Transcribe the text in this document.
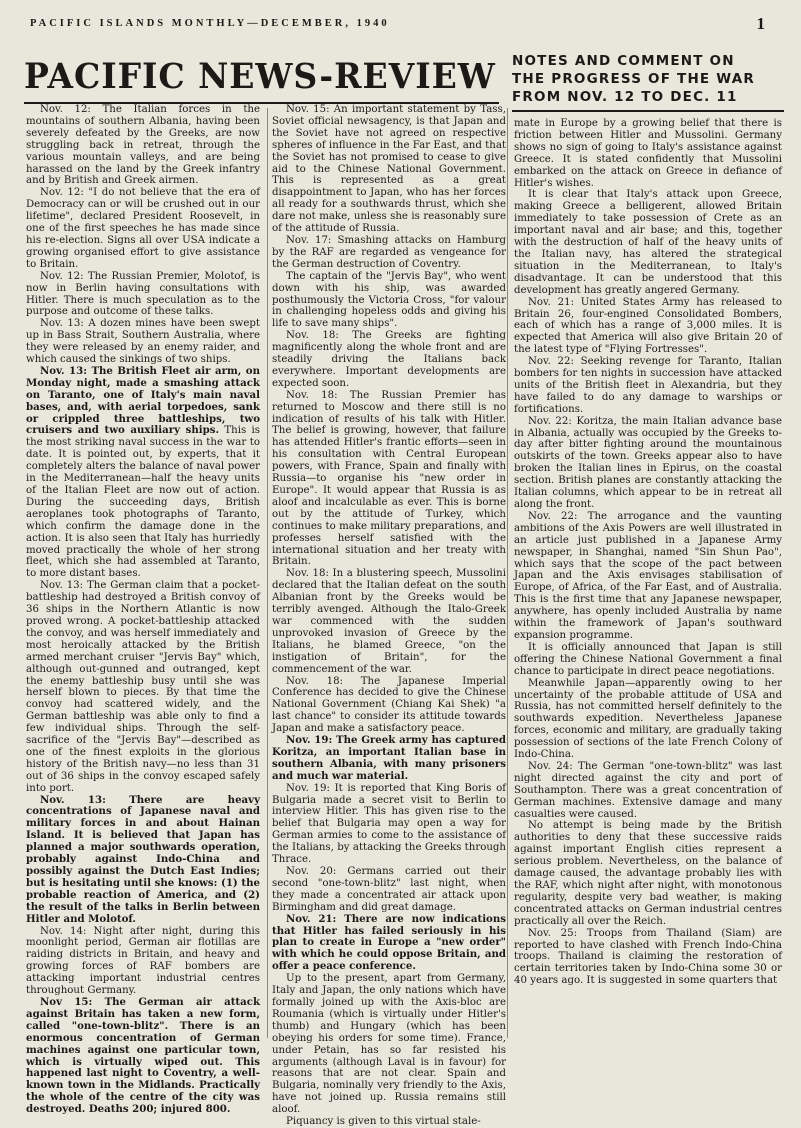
PACIFIC ISLANDS MONTHLY—DECEMBER, 1940	1
PACIFIC NEWS-REVIEW NOTES AND COMMENT ON
THE PROGRESS OF THE WAR
FROM NOV. 12 TO DEC. 11

Nov. 12: The Italian forces in the mountains of southern Albania, having been severely defeated by the Greeks, are now struggling back in retreat, through the various mountain valleys, and are being harassed on the land by the Greek infantry and by British and Greek airmen.

Nov. 12: "I do not believe that the era of Democracy can or will be crushed out in our lifetime", declared President Roosevelt, in one of the first speeches he has made since his re-election. Signs all over USA indicate a growing organised effort to give assistance to Britain.

Nov. 12: The Russian Premier, Molotof, is now in Berlin having consultations with Hitler. There is much speculation as to the purpose and outcome of these talks.

Nov. 13: A dozen mines have been swept up in Bass Strait, Southern Australia, where they were released by an enemy raider, and which caused the sinkings of two ships.

Nov. 13: The British Fleet air arm, on Monday night, made a smashing attack on Taranto, one of Italy's main naval bases, and, with aerial torpedoes, sank or crippled three battleships, two cruisers and two auxiliary ships. This is the most striking naval success in the war to date. It is pointed out, by experts, that it completely alters the balance of naval power in the Mediterranean—half the heavy units of the Italian Fleet are now out of action. During the succeeding days, British aeroplanes took photographs of Taranto, which confirm the damage done in the action. It is also seen that Italy has hurriedly moved practically the whole of her strong fleet, which she had assembled at Taranto, to more distant bases.

Nov. 13: The German claim that a pocket-battleship had destroyed a British convoy of 36 ships in the Northern Atlantic is now proved wrong. A pocket-battleship attacked the convoy, and was herself immediately and most heroically attacked by the British armed merchant cruiser "Jervis Bay" which, although out-gunned and outranged, kept the enemy battleship busy until she was herself blown to pieces. By that time the convoy had scattered widely, and the German battleship was able only to find a few individual ships. Through the self-sacrifice of the "Jervis Bay"—described as one of the finest exploits in the glorious history of the British navy—no less than 31 out of 36 ships in the convoy escaped safely into port.

Nov. 13: There are heavy concentrations of Japanese naval and military forces in and about Hainan Island. It is believed that Japan has planned a major southwards operation, probably against Indo-China and possibly against the Dutch East Indies; but is hesitating until she knows: (1) the probable reaction of America, and (2) the result of the talks in Berlin between Hitler and Molotof.

Nov. 14: Night after night, during this moonlight period, German air flotillas are raiding districts in Britain, and heavy and growing forces of RAF bombers are attacking important industrial centres throughout Germany.

Nov 15: The German air attack against Britain has taken a new form, called "one-town-blitz". There is an enormous concentration of German machines against one particular town, which is virtually wiped out. This happened last night to Coventry, a well-known town in the Midlands. Practically the whole of the centre of the city was destroyed. Deaths 200; injured 800.

Nov. 15: An important statement by Tass, Soviet official newsagency, is that Japan and the Soviet have not agreed on respective spheres of influence in the Far East, and that the Soviet has not promised to cease to give aid to the Chinese National Government. This is represented as a great disappointment to Japan, who has her forces all ready for a southwards thrust, which she dare not make, unless she is reasonably sure of the attitude of Russia.

Nov. 17: Smashing attacks on Hamburg by the RAF are regarded as vengeance for the German destruction of Coventry.

The captain of the "Jervis Bay", who went down with his ship, was awarded posthumously the Victoria Cross, "for valour in challenging hopeless odds and giving his life to save many ships".

Nov. 18: The Greeks are fighting magnificently along the whole front and are steadily driving the Italians back everywhere. Important developments are expected soon.

Nov. 18: The Russian Premier has returned to Moscow and there still is no indication of results of his talk with Hitler. The belief is growing, however, that failure has attended Hitler's frantic efforts—seen in his consultation with Central European powers, with France, Spain and finally with Russia—to organise his "new order in Europe". It would appear that Russia is as aloof and incalculable as ever. This is borne out by the attitude of Turkey, which continues to make military preparations, and professes herself satisfied with the international situation and her treaty with Britain.

Nov. 18: In a blustering speech, Mussolini declared that the Italian defeat on the south Albanian front by the Greeks would be terribly avenged. Although the Italo-Greek war commenced with the sudden unprovoked invasion of Greece by the Italians, he blamed Greece, "on the instigation of Britain", for the commencement of the war.

Nov. 18: The Japanese Imperial Conference has decided to give the Chinese National Government (Chiang Kai Shek) "a last chance" to consider its attitude towards Japan and make a satisfactory peace.

Nov. 19: The Greek army has captured Koritza, an important Italian base in southern Albania, with many prisoners and much war material.

Nov. 19: It is reported that King Boris of Bulgaria made a secret visit to Berlin to interview Hitler. This has given rise to the belief that Bulgaria may open a way for German armies to come to the assistance of the Italians, by attacking the Greeks through Thrace.

Nov. 20: Germans carried out their second "one-town-blitz" last night, when they made a concentrated air attack upon Birmingham and did great damage.

Nov. 21: There are now indications that Hitler has failed seriously in his plan to create in Europe a "new order" with which he could oppose Britain, and offer a peace conference.

Up to the present, apart from Germany, Italy and Japan, the only nations which have formally joined up with the Axis-bloc are Roumania (which is virtually under Hitler's thumb) and Hungary (which has been obeying his orders for some time). France, under Petain, has so far resisted his arguments (although Laval is in favour) for reasons that are not clear. Spain and Bulgaria, nominally very friendly to the Axis, have not joined up. Russia remains still aloof.

Piquancy is given to this virtual stale-

mate in Europe by a growing belief that there is friction between Hitler and Mussolini. Germany shows no sign of going to Italy's assistance against Greece. It is stated confidently that Mussolini embarked on the attack on Greece in defiance of Hitler's wishes.

It is clear that Italy's attack upon Greece, making Greece a belligerent, allowed Britain immediately to take possession of Crete as an important naval and air base; and this, together with the destruction of half of the heavy units of the Italian navy, has altered the strategical situation in the Mediterranean, to Italy's disadvantage. It can be understood that this development has greatly angered Germany.

Nov. 21: United States Army has released to Britain 26, four-engined Consolidated Bombers, each of which has a range of 3,000 miles. It is expected that America will also give Britain 20 of the latest type of "Flying Fortresses".

Nov. 22: Seeking revenge for Taranto, Italian bombers for ten nights in succession have attacked units of the British fleet in Alexandria, but they have failed to do any damage to warships or fortifications.

Nov. 22: Koritza, the main Italian advance base in Albania, actually was occupied by the Greeks to-day after bitter fighting around the mountainous outskirts of the town. Greeks appear also to have broken the Italian lines in Epirus, on the coastal section. British planes are constantly attacking the Italian columns, which appear to be in retreat all along the front.

Nov. 22: The arrogance and the vaunting ambitions of the Axis Powers are well illustrated in an article just published in a Japanese Army newspaper, in Shanghai, named "Sin Shun Pao", which says that the scope of the pact between Japan and the Axis envisages stabilisation of Europe, of Africa, of the Far East, and of Australia. This is the first time that any Japanese newspaper, anywhere, has openly included Australia by name within the framework of Japan's southward expansion programme.

It is officially announced that Japan is still offering the Chinese National Government a final chance to participate in direct peace negotiations.

Meanwhile Japan—apparently owing to her uncertainty of the probable attitude of USA and Russia, has not committed herself definitely to the southwards expedition. Nevertheless Japanese forces, economic and military, are gradually taking possession of sections of the late French Colony of Indo-China.

Nov. 24: The German "one-town-blitz" was last night directed against the city and port of Southampton. There was a great concentration of German machines. Extensive damage and many casualties were caused.

No attempt is being made by the British authorities to deny that these successive raids against important English cities represent a serious problem. Nevertheless, on the balance of damage caused, the advantage probably lies with the RAF, which night after night, with monotonous regularity, despite very bad weather, is making concentrated attacks on German industrial centres practically all over the Reich.

Nov. 25: Troops from Thailand (Siam) are reported to have clashed with French Indo-China troops. Thailand is claiming the restoration of certain territories taken by Indo-China some 30 or 40 years ago. It is suggested in some quarters that
